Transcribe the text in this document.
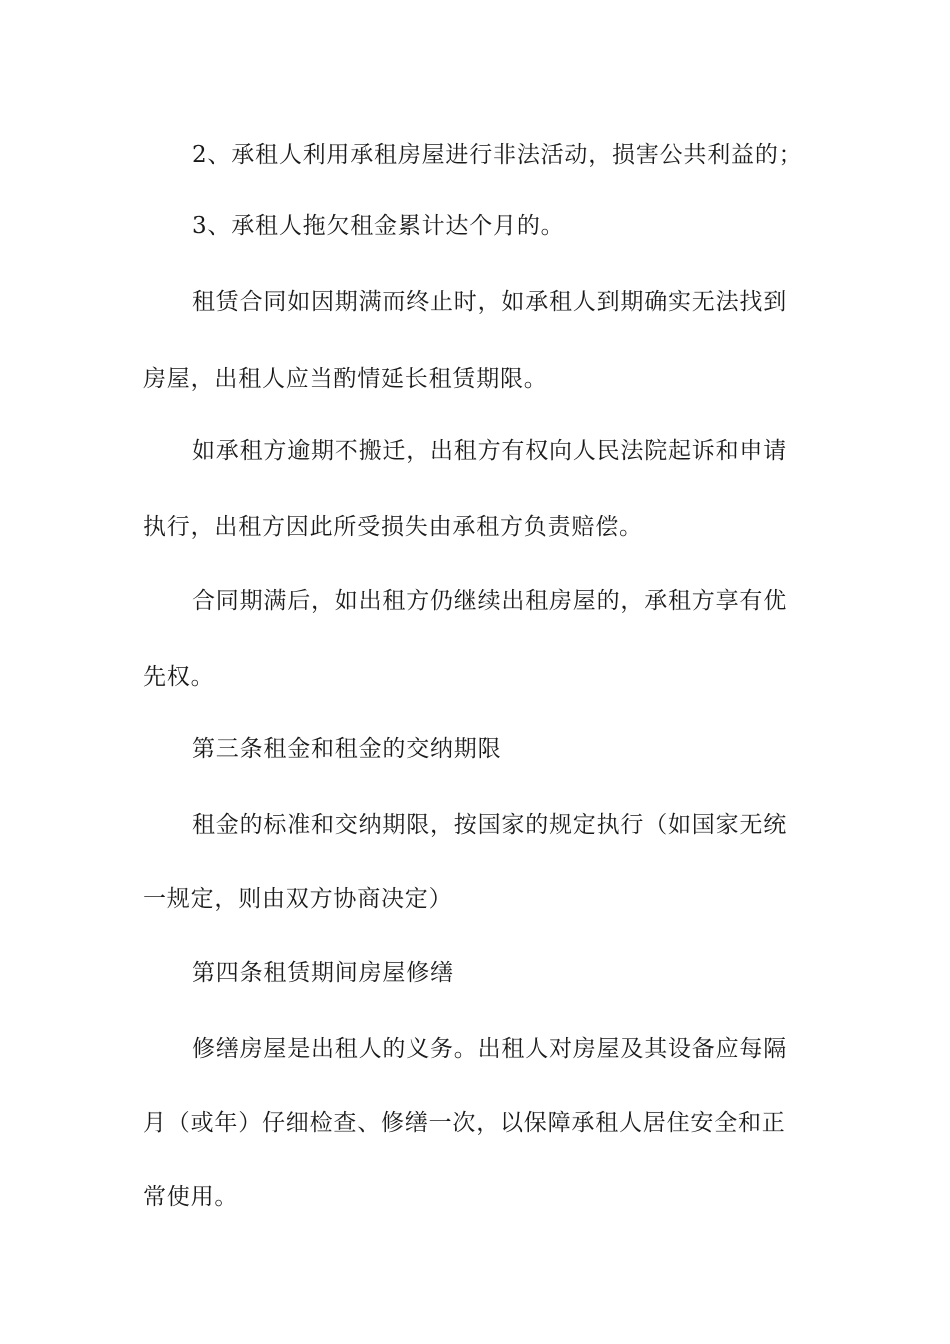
2、承租人利用承租房屋进行非法活动，损害公共利益的；

3、承租人拖欠租金累计达个月的。

租赁合同如因期满而终止时，如承租人到期确实无法找到

房屋，出租人应当酌情延长租赁期限。

如承租方逾期不搬迁，出租方有权向人民法院起诉和申请

执行，出租方因此所受损失由承租方负责赔偿。

合同期满后，如出租方仍继续出租房屋的，承租方享有优

先权。

第三条租金和租金的交纳期限

租金的标准和交纳期限，按国家的规定执行（如国家无统

一规定，则由双方协商决定）

第四条租赁期间房屋修缮

修缮房屋是出租人的义务。出租人对房屋及其设备应每隔

月（或年）仔细检查、修缮一次，以保障承租人居住安全和正

常使用。
